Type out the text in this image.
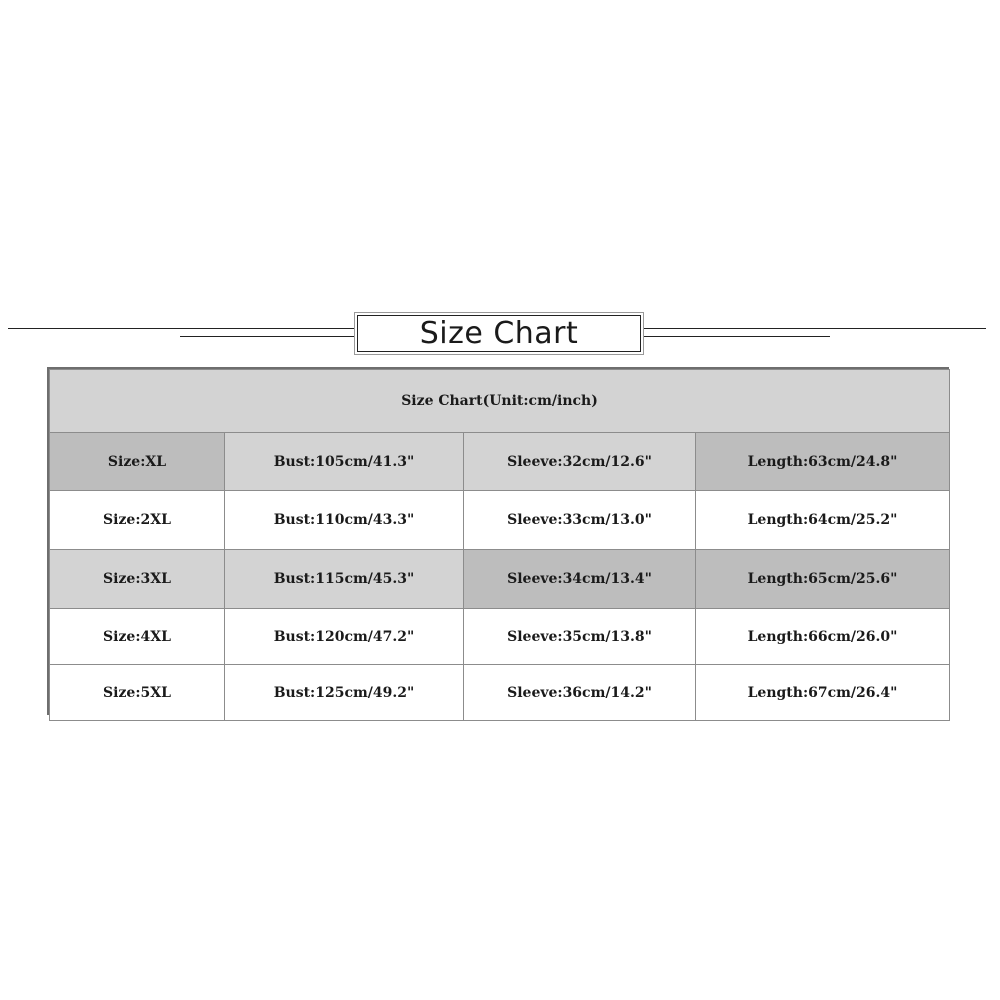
Size Chart
Size Chart(Unit:cm/inch)			
Size:XL	Bust:105cm/41.3"	Sleeve:32cm/12.6"	Length:63cm/24.8"
Size:2XL	Bust:110cm/43.3"	Sleeve:33cm/13.0"	Length:64cm/25.2"
Size:3XL	Bust:115cm/45.3"	Sleeve:34cm/13.4"	Length:65cm/25.6"
Size:4XL	Bust:120cm/47.2"	Sleeve:35cm/13.8"	Length:66cm/26.0"
Size:5XL	Bust:125cm/49.2"	Sleeve:36cm/14.2"	Length:67cm/26.4"
